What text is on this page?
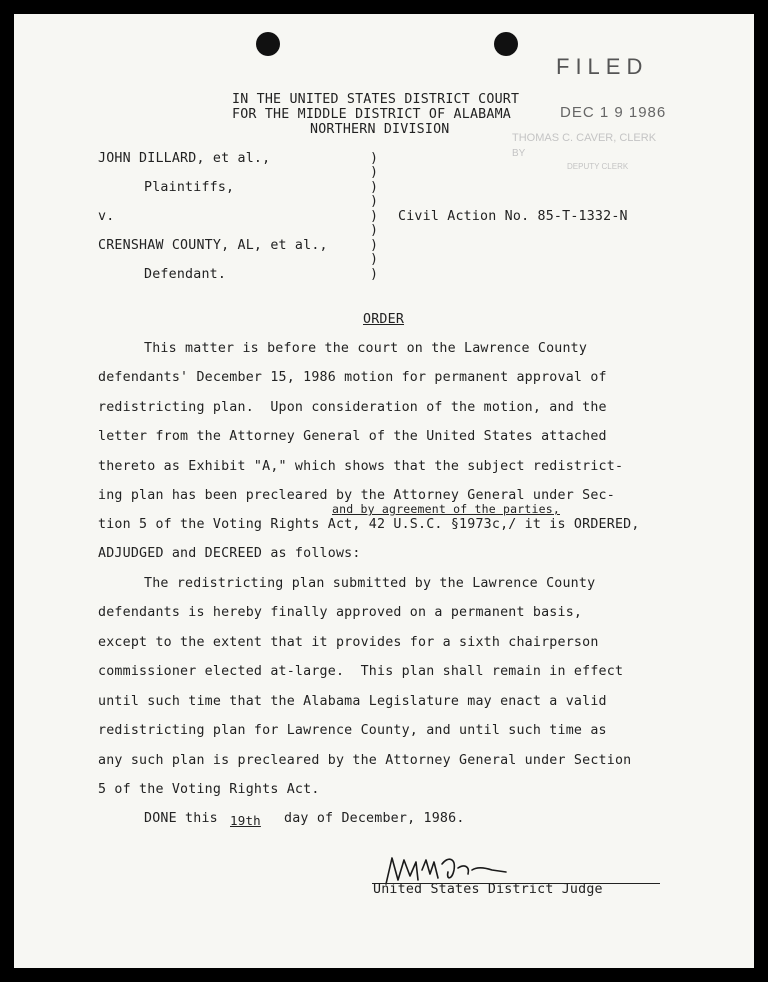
FILED
DEC 1 9 1986
THOMAS C. CAVER, CLERK
BY
DEPUTY CLERK
IN THE UNITED STATES DISTRICT COURT
FOR THE MIDDLE DISTRICT OF ALABAMA
NORTHERN DIVISION
JOHN DILLARD, et al.,
Plaintiffs,
v.
CRENSHAW COUNTY, AL, et al.,
Defendant.
Civil Action No. 85-T-1332-N
)
)
)
)
)
)
)
)
)
ORDER
This matter is before the court on the Lawrence County
defendants' December 15, 1986 motion for permanent approval of
redistricting plan.  Upon consideration of the motion, and the
letter from the Attorney General of the United States attached
thereto as Exhibit "A," which shows that the subject redistrict-
ing plan has been precleared by the Attorney General under Sec-
and by agreement of the parties,
tion 5 of the Voting Rights Act, 42 U.S.C. §1973c,/ it is ORDERED,
ADJUDGED and DECREED as follows:
The redistricting plan submitted by the Lawrence County
defendants is hereby finally approved on a permanent basis,
except to the extent that it provides for a sixth chairperson
commissioner elected at-large.  This plan shall remain in effect
until such time that the Alabama Legislature may enact a valid
redistricting plan for Lawrence County, and until such time as
any such plan is precleared by the Attorney General under Section
5 of the Voting Rights Act.
DONE this 19th day of December, 1986.
United States District Judge
